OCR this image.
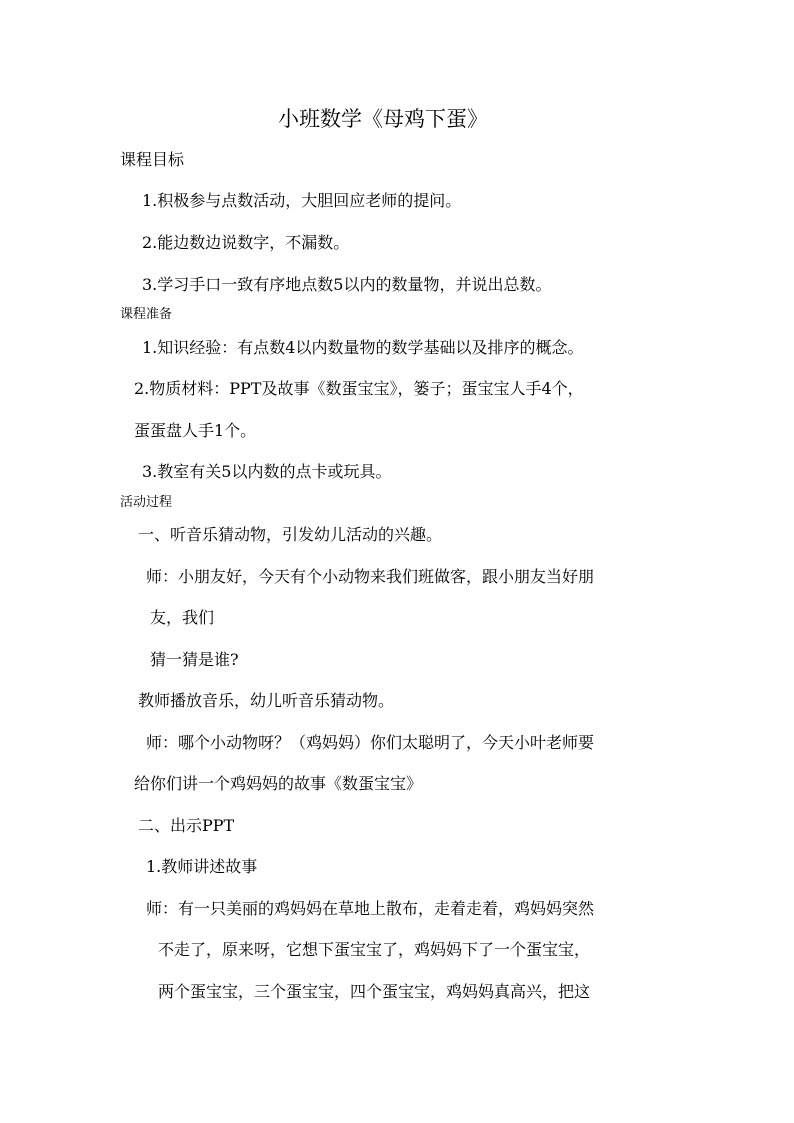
小班数学《母鸡下蛋》
课程目标
1.积极参与点数活动，大胆回应老师的提问。
2.能边数边说数字，不漏数。
3.学习手口一致有序地点数5以内的数量物，并说出总数。
课程准备
1.知识经验：有点数4以内数量物的数学基础以及排序的概念。
2.物质材料：PPT及故事《数蛋宝宝》，篓子；蛋宝宝人手4个，
蛋蛋盘人手1个。
3.教室有关5以内数的点卡或玩具。
活动过程
一、听音乐猜动物，引发幼儿活动的兴趣。
师：小朋友好，今天有个小动物来我们班做客，跟小朋友当好朋
友，我们
猜一猜是谁?
教师播放音乐，幼儿听音乐猜动物。
师：哪个小动物呀？（鸡妈妈）你们太聪明了，今天小叶老师要
给你们讲一个鸡妈妈的故事《数蛋宝宝》
二、出示PPT
1.教师讲述故事
师：有一只美丽的鸡妈妈在草地上散布，走着走着，鸡妈妈突然
不走了，原来呀，它想下蛋宝宝了，鸡妈妈下了一个蛋宝宝，
两个蛋宝宝，三个蛋宝宝，四个蛋宝宝，鸡妈妈真高兴，把这
